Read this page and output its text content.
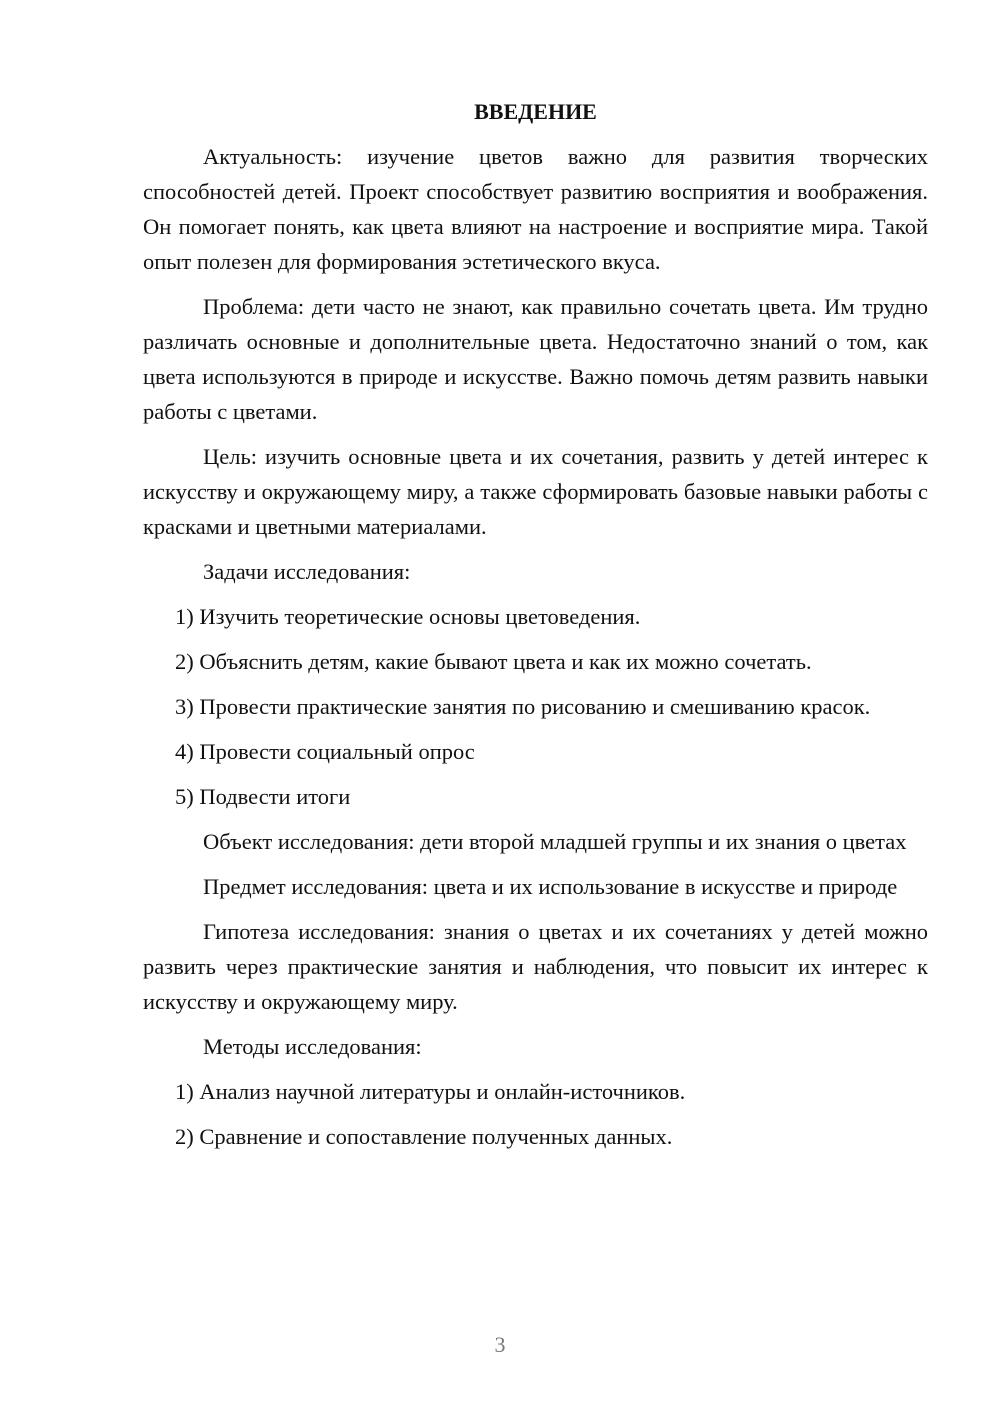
ВВЕДЕНИЕ

Актуальность: изучение цветов важно для развития творческих способностей детей. Проект способствует развитию восприятия и воображения. Он помогает понять, как цвета влияют на настроение и восприятие мира. Такой опыт полезен для формирования эстетического вкуса.

Проблема: дети часто не знают, как правильно сочетать цвета. Им трудно различать основные и дополнительные цвета. Недостаточно знаний о том, как цвета используются в природе и искусстве. Важно помочь детям развить навыки работы с цветами.

Цель: изучить основные цвета и их сочетания, развить у детей интерес к искусству и окружающему миру, а также сформировать базовые навыки работы с красками и цветными материалами.

Задачи исследования:

1) Изучить теоретические основы цветоведения.

2) Объяснить детям, какие бывают цвета и как их можно сочетать.

3) Провести практические занятия по рисованию и смешиванию красок.

4) Провести социальный опрос

5) Подвести итоги

Объект исследования: дети второй младшей группы и их знания о цветах

Предмет исследования: цвета и их использование в искусстве и природе

Гипотеза исследования: знания о цветах и их сочетаниях у детей можно развить через практические занятия и наблюдения, что повысит их интерес к искусству и окружающему миру.

Методы исследования:

1) Анализ научной литературы и онлайн-источников.

2) Сравнение и сопоставление полученных данных.

3
